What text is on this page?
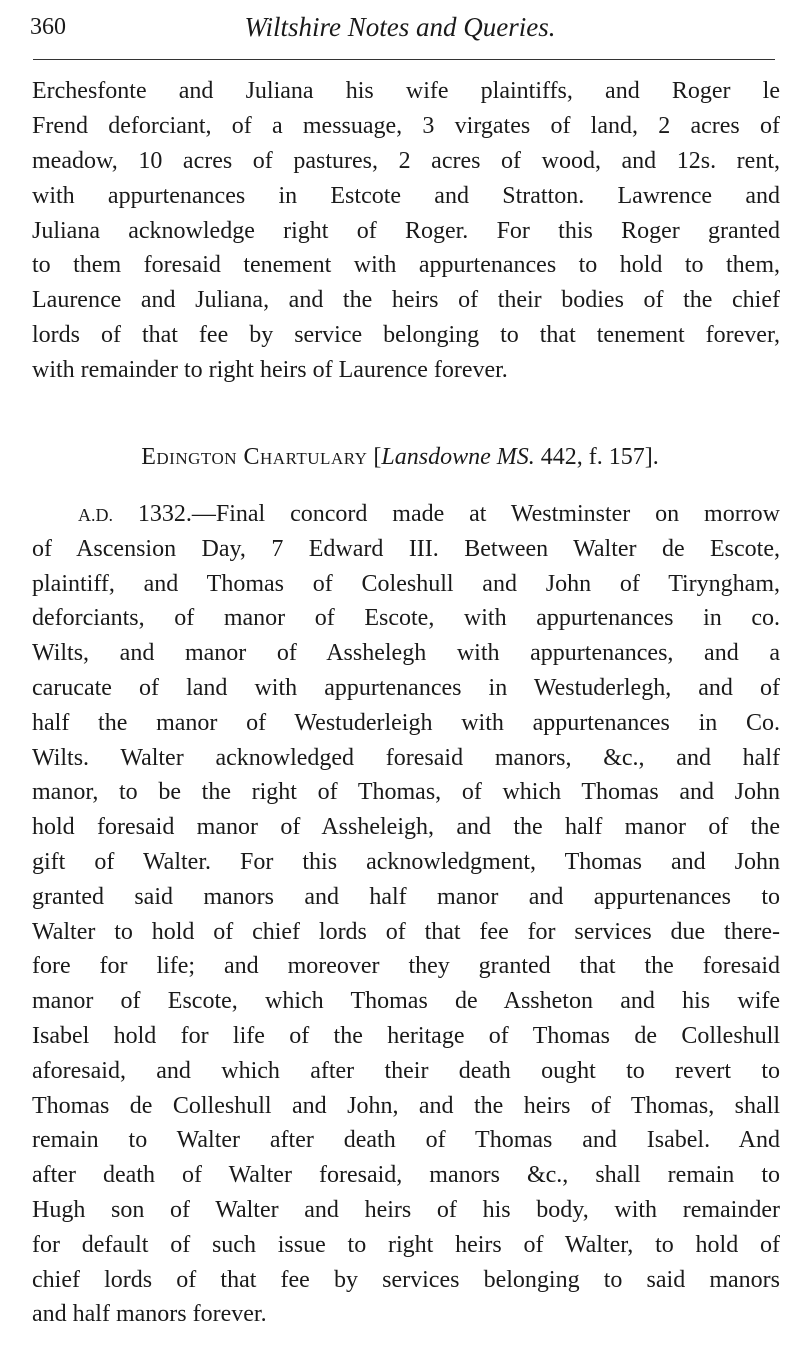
360	Wiltshire Notes and Queries.
Erchesfonte and Juliana his wife plaintiffs, and Roger le
Frend deforciant, of a messuage, 3 virgates of land, 2 acres of
meadow, 10 acres of pastures, 2 acres of wood, and 12s. rent,
with appurtenances in Estcote and Stratton. Lawrence and
Juliana acknowledge right of Roger. For this Roger granted
to them foresaid tenement with appurtenances to hold to them,
Laurence and Juliana, and the heirs of their bodies of the chief
lords of that fee by service belonging to that tenement forever,
with remainder to right heirs of Laurence forever.
Edington Chartulary [Lansdowne MS. 442, f. 157].
A.D. 1332.—Final concord made at Westminster on morrow
of Ascension Day, 7 Edward III. Between Walter de Escote,
plaintiff, and Thomas of Coleshull and John of Tiryngham,
deforciants, of manor of Escote, with appurtenances in co.
Wilts, and manor of Asshelegh with appurtenances, and a
carucate of land with appurtenances in Westuderlegh, and of
half the manor of Westuderleigh with appurtenances in Co.
Wilts. Walter acknowledged foresaid manors, &c., and half
manor, to be the right of Thomas, of which Thomas and John
hold foresaid manor of Assheleigh, and the half manor of the
gift of Walter. For this acknowledgment, Thomas and John
granted said manors and half manor and appurtenances to
Walter to hold of chief lords of that fee for services due there-
fore for life; and moreover they granted that the foresaid
manor of Escote, which Thomas de Assheton and his wife
Isabel hold for life of the heritage of Thomas de Colleshull
aforesaid, and which after their death ought to revert to
Thomas de Colleshull and John, and the heirs of Thomas, shall
remain to Walter after death of Thomas and Isabel. And
after death of Walter foresaid, manors &c., shall remain to
Hugh son of Walter and heirs of his body, with remainder
for default of such issue to right heirs of Walter, to hold of
chief lords of that fee by services belonging to said manors
and half manors forever.
